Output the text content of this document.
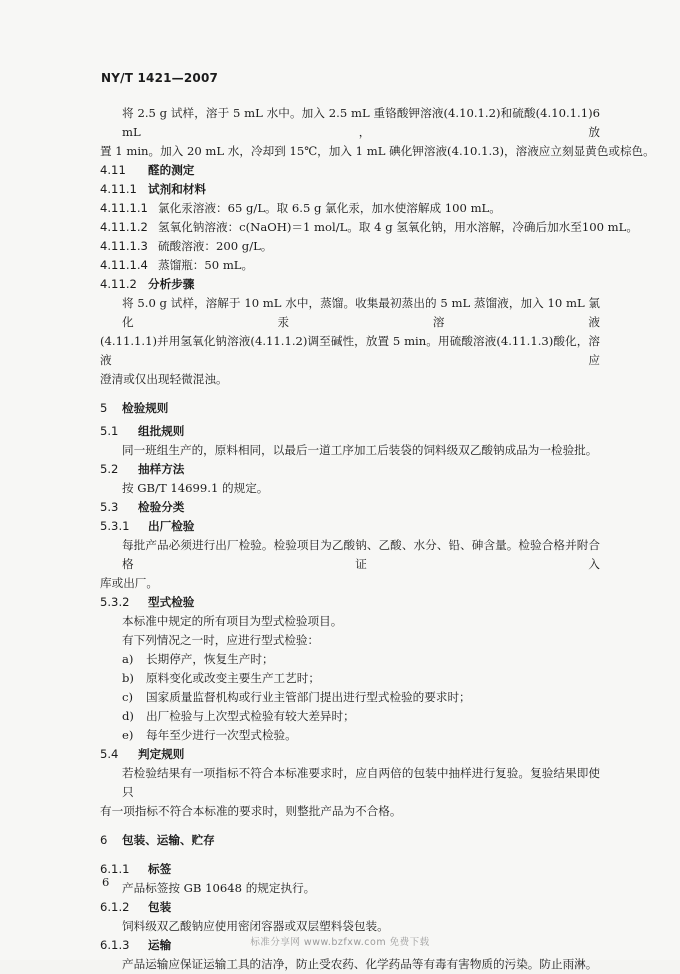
NY/T 1421—2007
将 2.5 g 试样，溶于 5 mL 水中。加入 2.5 mL 重铬酸钾溶液(4.10.1.2)和硫酸(4.10.1.1)6 mL，放
置 1 min。加入 20 mL 水，冷却到 15℃，加入 1 mL 碘化钾溶液(4.10.1.3)，溶液应立刻显黄色或棕色。
4.11 醛的测定
4.11.1 试剂和材料
4.11.1.1 氯化汞溶液：65 g/L。取 6.5 g 氯化汞，加水使溶解成 100 mL。
4.11.1.2 氢氧化钠溶液：c(NaOH)＝1 mol/L。取 4 g 氢氧化钠，用水溶解，冷确后加水至100 mL。
4.11.1.3 硫酸溶液：200 g/L。
4.11.1.4 蒸馏瓶：50 mL。
4.11.2 分析步骤
将 5.0 g 试样，溶解于 10 mL 水中，蒸馏。收集最初蒸出的 5 mL 蒸馏液，加入 10 mL 氯化汞溶液
(4.11.1.1)并用氢氧化钠溶液(4.11.1.2)调至碱性，放置 5 min。用硫酸溶液(4.11.1.3)酸化，溶液应
澄清或仅出现轻微混浊。
5 检验规则
5.1 组批规则
同一班组生产的，原料相同，以最后一道工序加工后装袋的饲料级双乙酸钠成品为一检验批。
5.2 抽样方法
按 GB/T 14699.1 的规定。
5.3 检验分类
5.3.1 出厂检验
每批产品必须进行出厂检验。检验项目为乙酸钠、乙酸、水分、铅、砷含量。检验合格并附合格证入
库或出厂。
5.3.2 型式检验
本标准中规定的所有项目为型式检验项目。
有下列情况之一时，应进行型式检验：
a) 长期停产，恢复生产时；
b) 原料变化或改变主要生产工艺时；
c) 国家质量监督机构或行业主管部门提出进行型式检验的要求时；
d) 出厂检验与上次型式检验有较大差异时；
e) 每年至少进行一次型式检验。
5.4 判定规则
若检验结果有一项指标不符合本标准要求时，应自两倍的包装中抽样进行复验。复验结果即使只
有一项指标不符合本标准的要求时，则整批产品为不合格。
6 包装、运输、贮存
6.1.1 标签
产品标签按 GB 10648 的规定执行。
6.1.2 包装
饲料级双乙酸钠应使用密闭容器或双层塑料袋包装。
6.1.3 运输
产品运输应保证运输工具的洁净，防止受农药、化学药品等有毒有害物质的污染。防止雨淋。
6
标准分享网 www.bzfxw.com 免费下载
